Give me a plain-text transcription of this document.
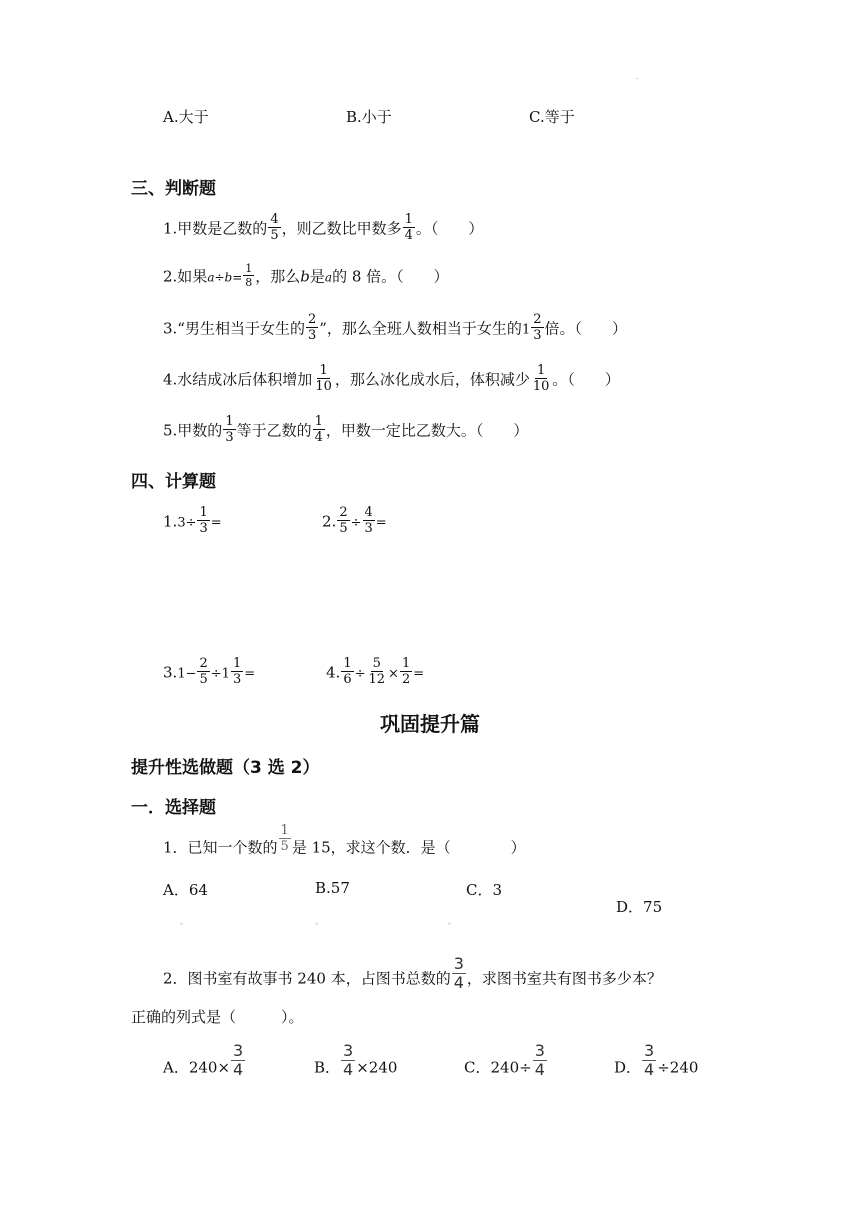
.
A.大于	B.小于	C.等于
三、判断题
1.甲数是乙数的 $\frac{4}{5}$ ，则乙数比甲数多 $\frac{1}{4}$ 。（　　）
2.如果$a\div b= \frac{1}{8}$ ，那么b是a的 8 倍。（　　）
3.“男生相当于女生的 $\frac{2}{3}$ ”，那么全班人数相当于女生的$1 \frac{2}{3}$ 倍。（　　）
4.水结成冰后体积增加 $\frac{1}{10}$ ，那么冰化成水后，体积减少 $\frac{1}{10}$ 。（　　）
5.甲数的 $\frac{1}{3}$ 等于乙数的 $\frac{1}{4}$ ，甲数一定比乙数大。（　　）
四、计算题
$1.3\div \frac{1}{3}$ =	2. $\frac{2}{5} \div \frac{4}{3}$ =
$3.1- \frac{2}{5} \div 1 \frac{1}{3}$ =	4. $\frac{1}{6} \div \frac{5}{12} \times \frac{1}{2}$ =
巩固提升篇
提升性选做题（3 选 2）
一．选择题
1．已知一个数的 $\frac{1}{5}$ 是 15，求这个数．是（　　　　）
A．64	B.57	C．3
D．75
。	。	。
2．图书室有故事书 240 本，占图书总数的 $\frac{3}{4}$ ，求图书室共有图书多少本？
正确的列式是（　　　）。
A．$240\times \frac{3}{4}$	B． $\frac{3}{4} \times 240$	C．$240\div \frac{3}{4}$	D． $\frac{3}{4} \div 240$
